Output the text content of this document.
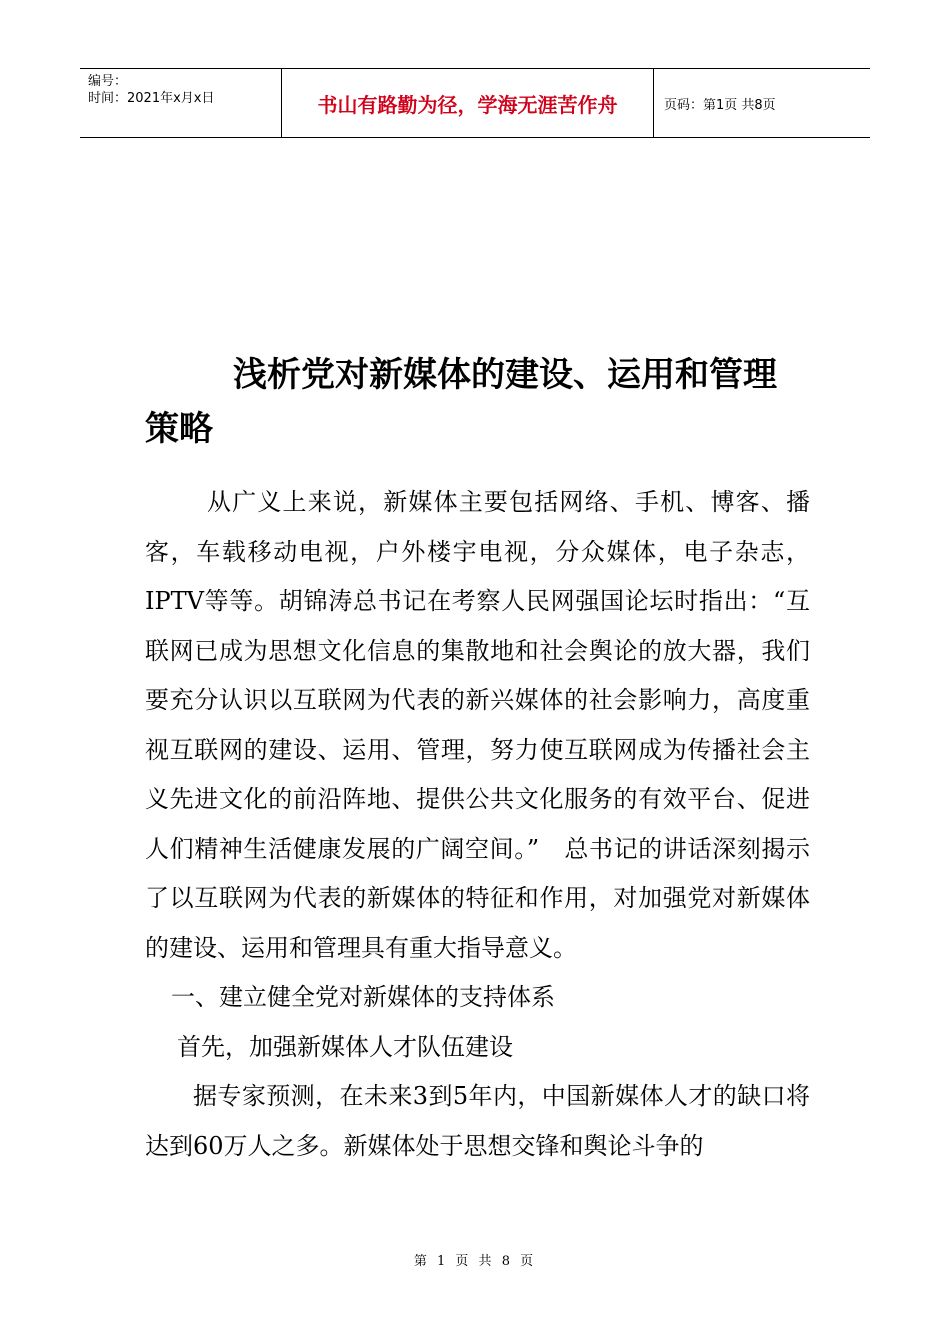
编号：
时间：2021年x月x日	书山有路勤为径，学海无涯苦作舟	页码：第1页 共8页
浅析党对新媒体的建设、运用和管理策略

从广义上来说，新媒体主要包括网络、手机、博客、播客，车载移动电视，户外楼宇电视，分众媒体，电子杂志，IPTV等等。胡锦涛总书记在考察人民网强国论坛时指出：“互联网已成为思想文化信息的集散地和社会舆论的放大器，我们要充分认识以互联网为代表的新兴媒体的社会影响力，高度重视互联网的建设、运用、管理，努力使互联网成为传播社会主义先进文化的前沿阵地、提供公共文化服务的有效平台、促进人们精神生活健康发展的广阔空间。”　总书记的讲话深刻揭示了以互联网为代表的新媒体的特征和作用，对加强党对新媒体的建设、运用和管理具有重大指导意义。

一、建立健全党对新媒体的支持体系

首先，加强新媒体人才队伍建设

据专家预测，在未来3到5年内，中国新媒体人才的缺口将达到60万人之多。新媒体处于思想交锋和舆论斗争的

第 1 页 共 8 页
